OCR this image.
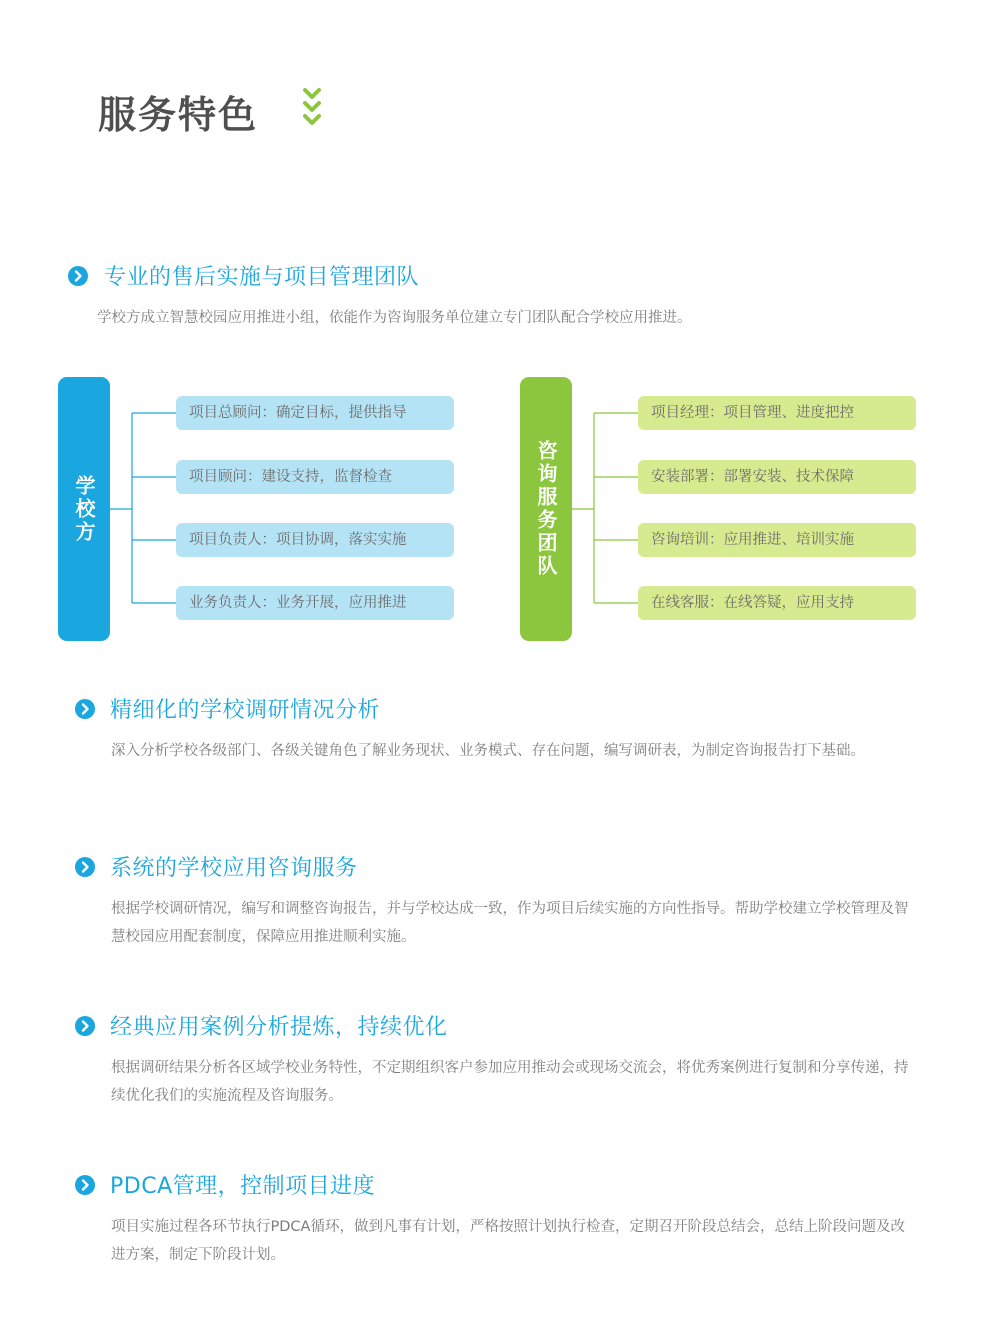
服务特色
专业的售后实施与项目管理团队
学校方成立智慧校园应用推进小组，依能作为咨询服务单位建立专门团队配合学校应用推进。
学校方
项目总顾问：确定目标，提供指导
项目顾问：建设支持，监督检查
项目负责人：项目协调，落实实施
业务负责人：业务开展，应用推进
咨询服务团队
项目经理：项目管理、进度把控
安装部署：部署安装、技术保障
咨询培训：应用推进、培训实施
在线客服：在线答疑，应用支持
精细化的学校调研情况分析
深入分析学校各级部门、各级关键角色了解业务现状、业务模式、存在问题，编写调研表，为制定咨询报告打下基础。
系统的学校应用咨询服务
根据学校调研情况，编写和调整咨询报告，并与学校达成一致，作为项目后续实施的方向性指导。帮助学校建立学校管理及智慧校园应用配套制度，保障应用推进顺利实施。
经典应用案例分析提炼，持续优化
根据调研结果分析各区域学校业务特性，不定期组织客户参加应用推动会或现场交流会，将优秀案例进行复制和分享传递，持续优化我们的实施流程及咨询服务。
PDCA管理，控制项目进度
项目实施过程各环节执行PDCA循环，做到凡事有计划，严格按照计划执行检查，定期召开阶段总结会，总结上阶段问题及改进方案，制定下阶段计划。
